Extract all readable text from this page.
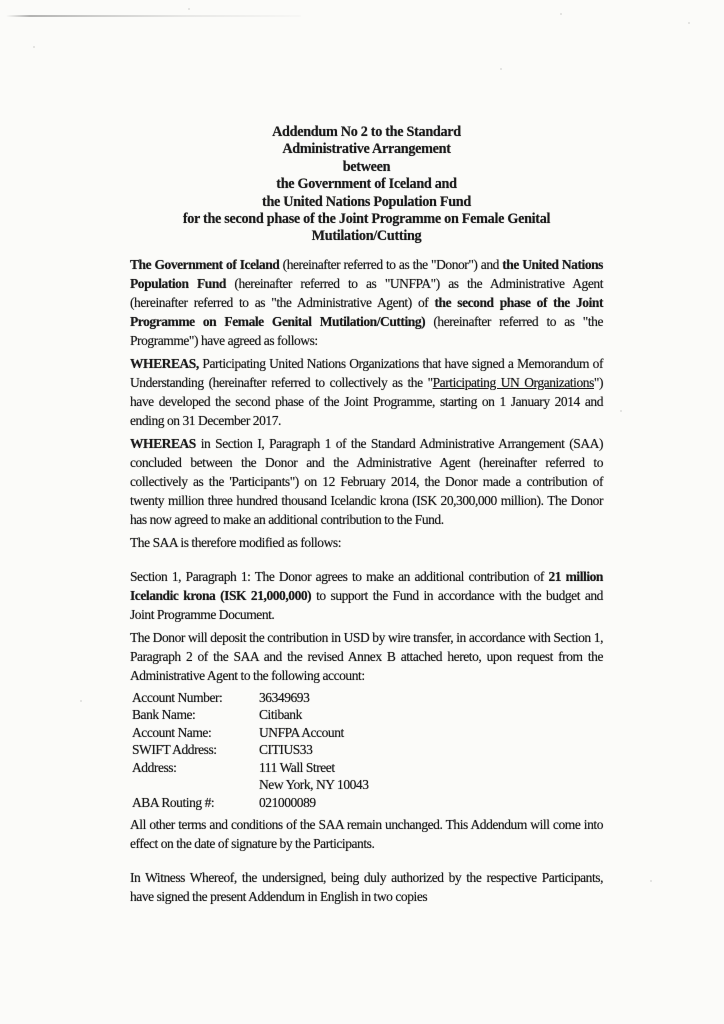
Addendum No 2 to the Standard
Administrative Arrangement
between
the Government of Iceland and
the United Nations Population Fund
for the second phase of the Joint Programme on Female Genital
Mutilation/Cutting

The Government of Iceland (hereinafter referred to as the "Donor") and the United Nations Population Fund (hereinafter referred to as "UNFPA") as the Administrative Agent (hereinafter referred to as "the Administrative Agent) of the second phase of the Joint Programme on Female Genital Mutilation/Cutting) (hereinafter referred to as "the Programme") have agreed as follows:

WHEREAS, Participating United Nations Organizations that have signed a Memorandum of Understanding (hereinafter referred to collectively as the "Participating UN Organizations") have developed the second phase of the Joint Programme, starting on 1 January 2014 and ending on 31 December 2017.

WHEREAS in Section I, Paragraph 1 of the Standard Administrative Arrangement (SAA) concluded between the Donor and the Administrative Agent (hereinafter referred to collectively as the 'Participants") on 12 February 2014, the Donor made a contribution of twenty million three hundred thousand Icelandic krona (ISK 20,300,000 million). The Donor has now agreed to make an additional contribution to the Fund.

The SAA is therefore modified as follows:

Section 1, Paragraph 1: The Donor agrees to make an additional contribution of 21 million Icelandic krona (ISK 21,000,000) to support the Fund in accordance with the budget and Joint Programme Document.

The Donor will deposit the contribution in USD by wire transfer, in accordance with Section 1, Paragraph 2 of the SAA and the revised Annex B attached hereto, upon request from the Administrative Agent to the following account:

Account Number:	36349693
Bank Name:	Citibank
Account Name:	UNFPA Account
SWIFT Address:	CITIUS33
Address:	111 Wall Street
New York, NY 10043
ABA Routing #:	021000089

All other terms and conditions of the SAA remain unchanged. This Addendum will come into effect on the date of signature by the Participants.

In Witness Whereof, the undersigned, being duly authorized by the respective Participants, have signed the present Addendum in English in two copies
